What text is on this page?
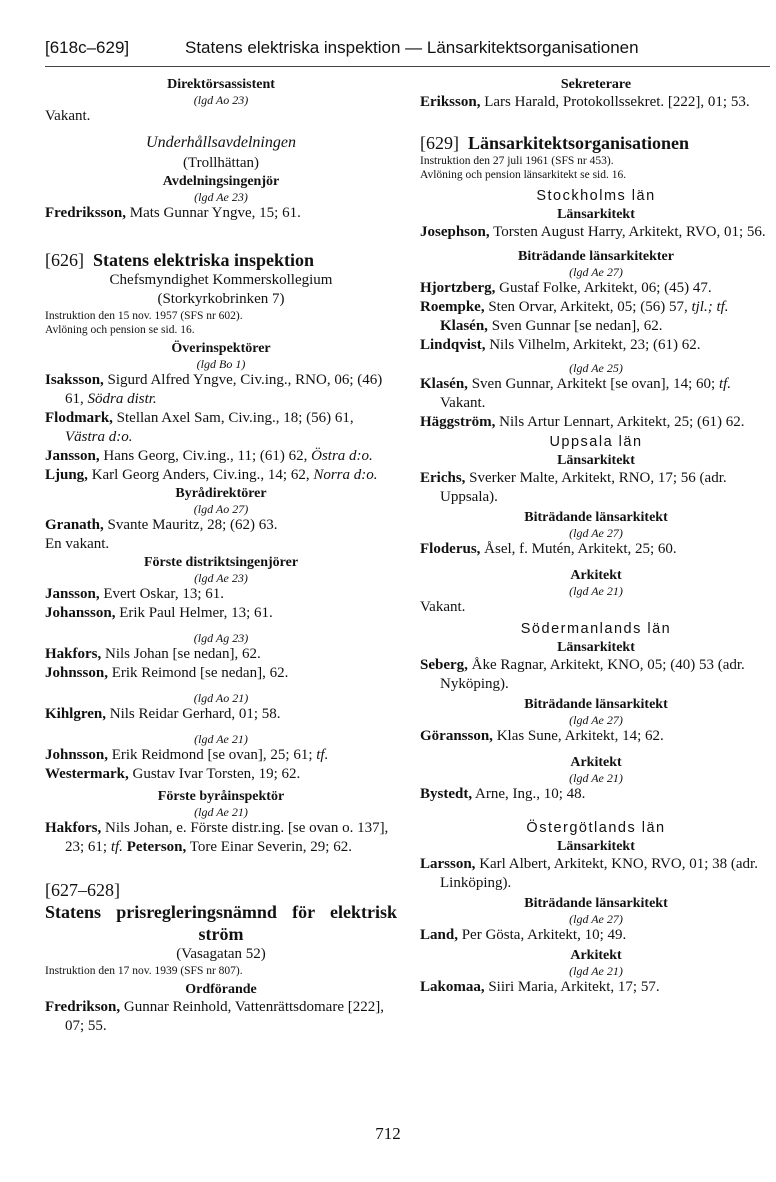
[618c–629]	Statens elektriska inspektion — Länsarkitektsorganisationen
Direktörsassistent
(lgd Ao 23)
Vakant.
Underhållsavdelningen
(Trollhättan)
Avdelningsingenjör
(lgd Ae 23)
Fredriksson, Mats Gunnar Yngve, 15; 61.
[626] Statens elektriska inspektion
Chefsmyndighet Kommerskollegium
(Storkyrkobrinken 7)
Instruktion den 15 nov. 1957 (SFS nr 602).
Avlöning och pension se sid. 16.
Överinspektörer
(lgd Bo 1)
Isaksson, Sigurd Alfred Yngve, Civ.ing., RNO, 06; (46) 61, Södra distr.
Flodmark, Stellan Axel Sam, Civ.ing., 18; (56) 61, Västra d:o.
Jansson, Hans Georg, Civ.ing., 11; (61) 62, Östra d:o.
Ljung, Karl Georg Anders, Civ.ing., 14; 62, Norra d:o.
Byrådirektörer
(lgd Ao 27)
Granath, Svante Mauritz, 28; (62) 63.
En vakant.
Förste distriktsingenjörer
(lgd Ae 23)
Jansson, Evert Oskar, 13; 61.
Johansson, Erik Paul Helmer, 13; 61.
(lgd Ag 23)
Hakfors, Nils Johan [se nedan], 62.
Johnsson, Erik Reimond [se nedan], 62.
(lgd Ao 21)
Kihlgren, Nils Reidar Gerhard, 01; 58.
(lgd Ae 21)
Johnsson, Erik Reidmond [se ovan], 25; 61; tf.
Westermark, Gustav Ivar Torsten, 19; 62.
Förste byråinspektör
(lgd Ae 21)
Hakfors, Nils Johan, e. Förste distr.ing. [se ovan o. 137], 23; 61; tf. Peterson, Tore Einar Severin, 29; 62.
[627–628]
Statens prisregleringsnämnd för elektrisk
ström
(Vasagatan 52)
Instruktion den 17 nov. 1939 (SFS nr 807).
Ordförande
Fredrikson, Gunnar Reinhold, Vattenrättsdomare [222], 07; 55.
Sekreterare
Eriksson, Lars Harald, Protokollssekret. [222], 01; 53.
[629] Länsarkitektsorganisationen
Instruktion den 27 juli 1961 (SFS nr 453).
Avlöning och pension länsarkitekt se sid. 16.
Stockholms län
Länsarkitekt
Josephson, Torsten August Harry, Arkitekt, RVO, 01; 56.
Biträdande länsarkitekter
(lgd Ae 27)
Hjortzberg, Gustaf Folke, Arkitekt, 06; (45) 47.
Roempke, Sten Orvar, Arkitekt, 05; (56) 57, tjl.; tf. Klasén, Sven Gunnar [se nedan], 62.
Lindqvist, Nils Vilhelm, Arkitekt, 23; (61) 62.
(lgd Ae 25)
Klasén, Sven Gunnar, Arkitekt [se ovan], 14; 60; tf. Vakant.
Häggström, Nils Artur Lennart, Arkitekt, 25; (61) 62.
Uppsala län
Länsarkitekt
Erichs, Sverker Malte, Arkitekt, RNO, 17; 56 (adr. Uppsala).
Biträdande länsarkitekt
(lgd Ae 27)
Floderus, Åsel, f. Mutén, Arkitekt, 25; 60.
Arkitekt
(lgd Ae 21)
Vakant.
Södermanlands län
Länsarkitekt
Seberg, Åke Ragnar, Arkitekt, KNO, 05; (40) 53 (adr. Nyköping).
Biträdande länsarkitekt
(lgd Ae 27)
Göransson, Klas Sune, Arkitekt, 14; 62.
Arkitekt
(lgd Ae 21)
Bystedt, Arne, Ing., 10; 48.
Östergötlands län
Länsarkitekt
Larsson, Karl Albert, Arkitekt, KNO, RVO, 01; 38 (adr. Linköping).
Biträdande länsarkitekt
(lgd Ae 27)
Land, Per Gösta, Arkitekt, 10; 49.
Arkitekt
(lgd Ae 21)
Lakomaa, Siiri Maria, Arkitekt, 17; 57.
712
